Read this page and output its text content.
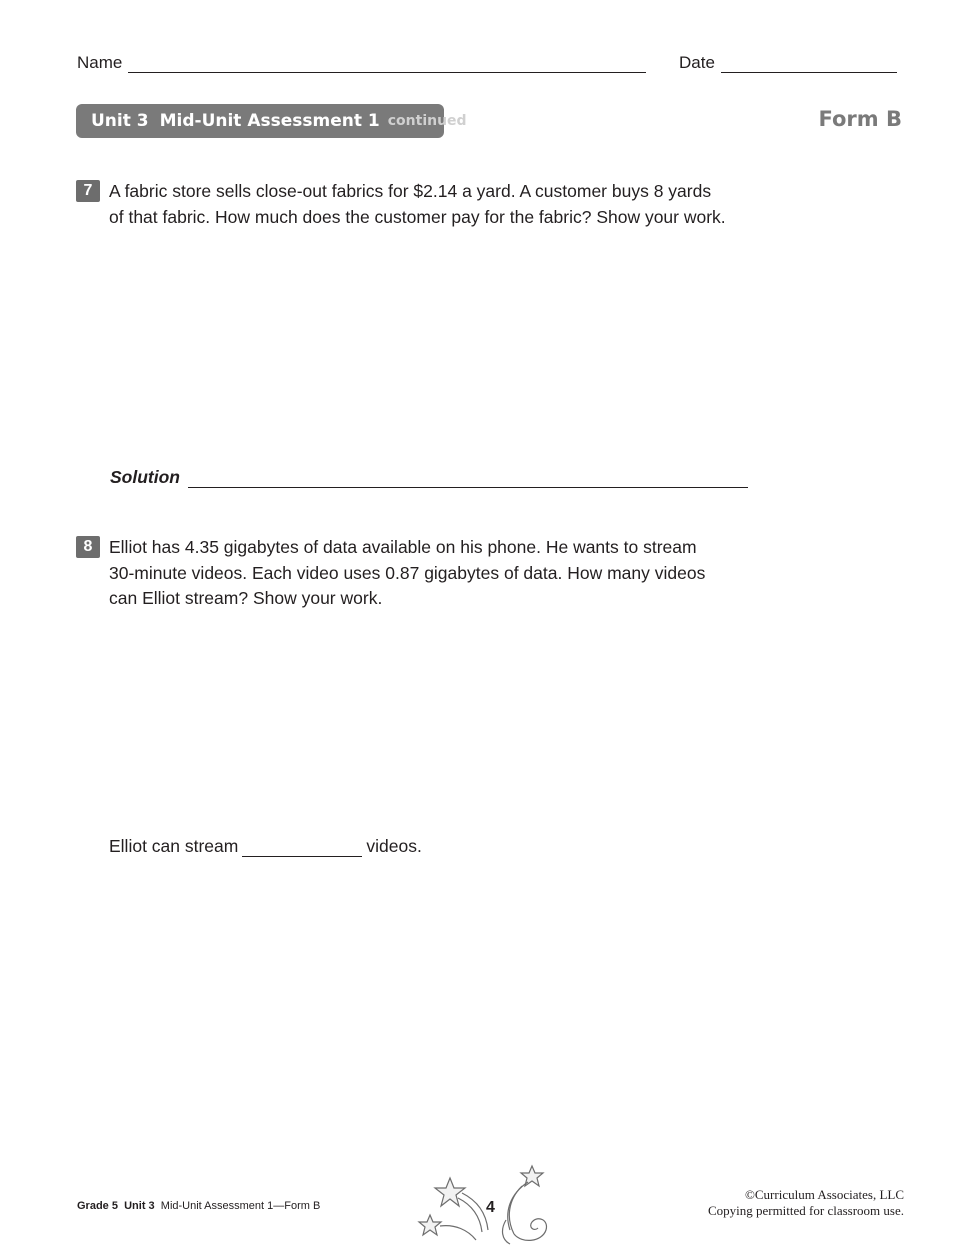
Name	Date
Unit 3 Mid-Unit Assessment 1 continued	Form B
7 A fabric store sells close-out fabrics for $2.14 a yard. A customer buys 8 yards
of that fabric. How much does the customer pay for the fabric? Show your work.
Solution
8 Elliot has 4.35 gigabytes of data available on his phone. He wants to stream
30-minute videos. Each video uses 0.87 gigabytes of data. How many videos
can Elliot stream? Show your work.
Elliot can stream	videos.
Grade 5 Unit 3 Mid-Unit Assessment 1—Form B	4
©Curriculum Associates, LLC
Copying permitted for classroom use.
